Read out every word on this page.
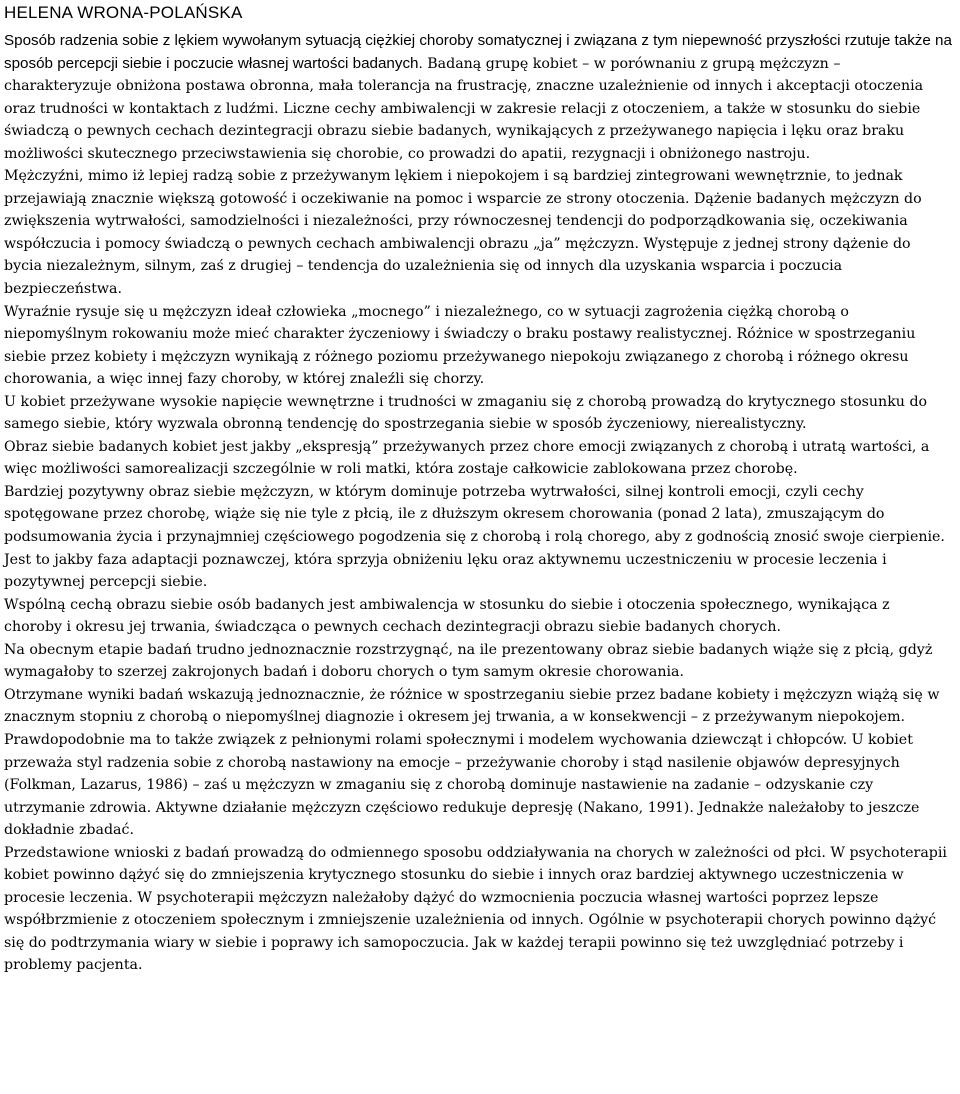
HELENA WRONA-POLAŃSKA

Sposób radzenia sobie z lękiem wywołanym sytuacją ciężkiej choroby somatycznej i związana z tym niepewność przyszłości rzutuje także na sposób percepcji siebie i poczucie własnej wartości badanych. Badaną grupę kobiet – w porównaniu z grupą mężczyzn – charakteryzuje obniżona postawa obronna, mała tolerancja na frustrację, znaczne uzależnienie od innych i akceptacji otoczenia oraz trudności w kontaktach z ludźmi. Liczne cechy ambiwalencji w zakresie relacji z otoczeniem, a także w stosunku do siebie świadczą o pewnych cechach dezintegracji obrazu siebie badanych, wynikających z przeżywanego napięcia i lęku oraz braku możliwości skutecznego przeciwstawienia się chorobie, co prowadzi do apatii, rezygnacji i obniżonego nastroju.

Mężczyźni, mimo iż lepiej radzą sobie z przeżywanym lękiem i niepokojem i są bardziej zintegrowani wewnętrznie, to jednak przejawiają znacznie większą gotowość i oczekiwanie na pomoc i wsparcie ze strony otoczenia. Dążenie badanych mężczyzn do zwiększenia wytrwałości, samodzielności i niezależności, przy równoczesnej tendencji do podporządkowania się, oczekiwania współczucia i pomocy świadczą o pewnych cechach ambiwalencji obrazu „ja” mężczyzn. Występuje z jednej strony dążenie do bycia niezależnym, silnym, zaś z drugiej – tendencja do uzależnienia się od innych dla uzyskania wsparcia i poczucia bezpieczeństwa.

Wyraźnie rysuje się u mężczyzn ideał człowieka „mocnego” i niezależnego, co w sytuacji zagrożenia ciężką chorobą o niepomyślnym rokowaniu może mieć charakter życzeniowy i świadczy o braku postawy realistycznej. Różnice w spostrzeganiu siebie przez kobiety i mężczyzn wynikają z różnego poziomu przeżywanego niepokoju związanego z chorobą i różnego okresu chorowania, a więc innej fazy choroby, w której znaleźli się chorzy.

U kobiet przeżywane wysokie napięcie wewnętrzne i trudności w zmaganiu się z chorobą prowadzą do krytycznego stosunku do samego siebie, który wyzwala obronną tendencję do spostrzegania siebie w sposób życzeniowy, nierealistyczny.

Obraz siebie badanych kobiet jest jakby „ekspresją” przeżywanych przez chore emocji związanych z chorobą i utratą wartości, a więc możliwości samorealizacji szczególnie w roli matki, która zostaje całkowicie zablokowana przez chorobę.

Bardziej pozytywny obraz siebie mężczyzn, w którym dominuje potrzeba wytrwałości, silnej kontroli emocji, czyli cechy spotęgowane przez chorobę, wiąże się nie tyle z płcią, ile z dłuższym okresem chorowania (ponad 2 lata), zmuszającym do podsumowania życia i przynajmniej częściowego pogodzenia się z chorobą i rolą chorego, aby z godnością znosić swoje cierpienie. Jest to jakby faza adaptacji poznawczej, która sprzyja obniżeniu lęku oraz aktywnemu uczestniczeniu w procesie leczenia i pozytywnej percepcji siebie.

Wspólną cechą obrazu siebie osób badanych jest ambiwalencja w stosunku do siebie i otoczenia społecznego, wynikająca z choroby i okresu jej trwania, świadcząca o pewnych cechach dezintegracji obrazu siebie badanych chorych.

Na obecnym etapie badań trudno jednoznacznie rozstrzygnąć, na ile prezentowany obraz siebie badanych wiąże się z płcią, gdyż wymagałoby to szerzej zakrojonych badań i doboru chorych o tym samym okresie chorowania.

Otrzymane wyniki badań wskazują jednoznacznie, że różnice w spostrzeganiu siebie przez badane kobiety i mężczyzn wiążą się w znacznym stopniu z chorobą o niepomyślnej diagnozie i okresem jej trwania, a w konsekwencji – z przeżywanym niepokojem. Prawdopodobnie ma to także związek z pełnionymi rolami społecznymi i modelem wychowania dziewcząt i chłopców. U kobiet przeważa styl radzenia sobie z chorobą nastawiony na emocje – przeżywanie choroby i stąd nasilenie objawów depresyjnych (Folkman, Lazarus, 1986) – zaś u mężczyzn w zmaganiu się z chorobą dominuje nastawienie na zadanie – odzyskanie czy utrzymanie zdrowia. Aktywne działanie mężczyzn częściowo redukuje depresję (Nakano, 1991). Jednakże należałoby to jeszcze dokładnie zbadać.

Przedstawione wnioski z badań prowadzą do odmiennego sposobu oddziaływania na chorych w zależności od płci. W psychoterapii kobiet powinno dążyć się do zmniejszenia krytycznego stosunku do siebie i innych oraz bardziej aktywnego uczestniczenia w procesie leczenia. W psychoterapii mężczyzn należałoby dążyć do wzmocnienia poczucia własnej wartości poprzez lepsze współbrzmienie z otoczeniem społecznym i zmniejszenie uzależnienia od innych. Ogólnie w psychoterapii chorych powinno dążyć się do podtrzymania wiary w siebie i poprawy ich samopoczucia. Jak w każdej terapii powinno się też uwzględniać potrzeby i problemy pacjenta.
